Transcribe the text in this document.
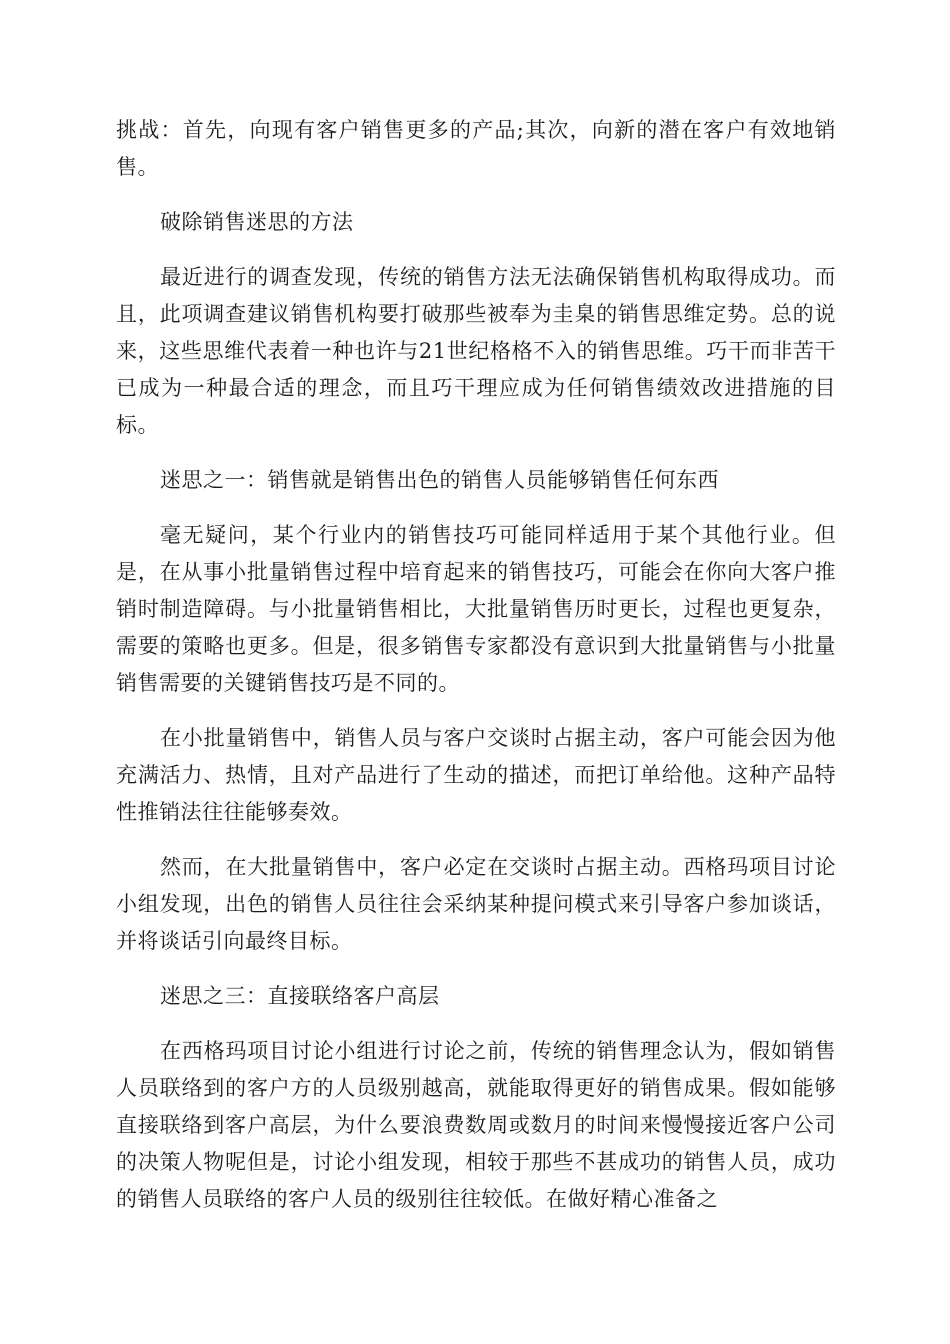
挑战：首先，向现有客户销售更多的产品;其次，向新的潜在客户有效地销售。

破除销售迷思的方法

最近进行的调查发现，传统的销售方法无法确保销售机构取得成功。而且，此项调查建议销售机构要打破那些被奉为圭臬的销售思维定势。总的说来，这些思维代表着一种也许与21世纪格格不入的销售思维。巧干而非苦干已成为一种最合适的理念，而且巧干理应成为任何销售绩效改进措施的目标。

迷思之一：销售就是销售出色的销售人员能够销售任何东西

毫无疑问，某个行业内的销售技巧可能同样适用于某个其他行业。但是，在从事小批量销售过程中培育起来的销售技巧，可能会在你向大客户推销时制造障碍。与小批量销售相比，大批量销售历时更长，过程也更复杂，需要的策略也更多。但是，很多销售专家都没有意识到大批量销售与小批量销售需要的关键销售技巧是不同的。

在小批量销售中，销售人员与客户交谈时占据主动，客户可能会因为他充满活力、热情，且对产品进行了生动的描述，而把订单给他。这种产品特性推销法往往能够奏效。

然而，在大批量销售中，客户必定在交谈时占据主动。西格玛项目讨论小组发现，出色的销售人员往往会采纳某种提问模式来引导客户参加谈话，并将谈话引向最终目标。

迷思之三：直接联络客户高层

在西格玛项目讨论小组进行讨论之前，传统的销售理念认为，假如销售人员联络到的客户方的人员级别越高，就能取得更好的销售成果。假如能够直接联络到客户高层，为什么要浪费数周或数月的时间来慢慢接近客户公司的决策人物呢但是，讨论小组发现，相较于那些不甚成功的销售人员，成功的销售人员联络的客户人员的级别往往较低。在做好精心准备之
